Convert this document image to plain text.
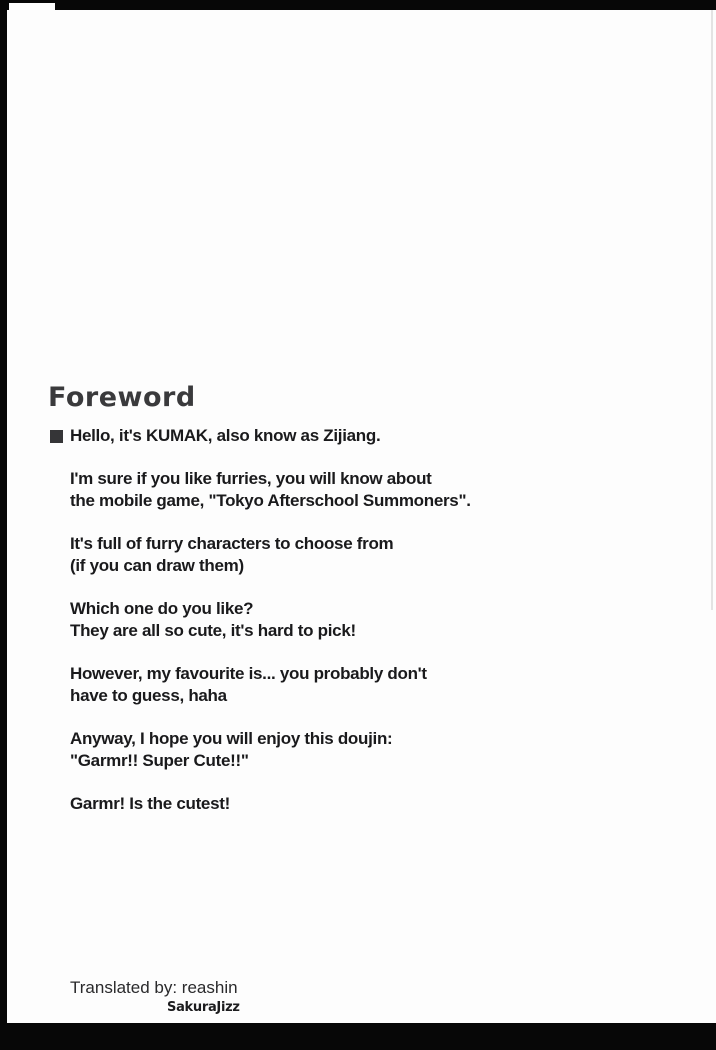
Foreword
Hello, it's KUMAK, also know as Zijiang.
I'm sure if you like furries, you will know about
the mobile game, "Tokyo Afterschool Summoners".
It's full of furry characters to choose from
(if you can draw them)
Which one do you like?
They are all so cute, it's hard to pick!
However, my favourite is... you probably don't
have to guess, haha
Anyway, I hope you will enjoy this doujin:
"Garmr!! Super Cute!!"
Garmr! Is the cutest!
Translated by: reashin
SakuraJizz
